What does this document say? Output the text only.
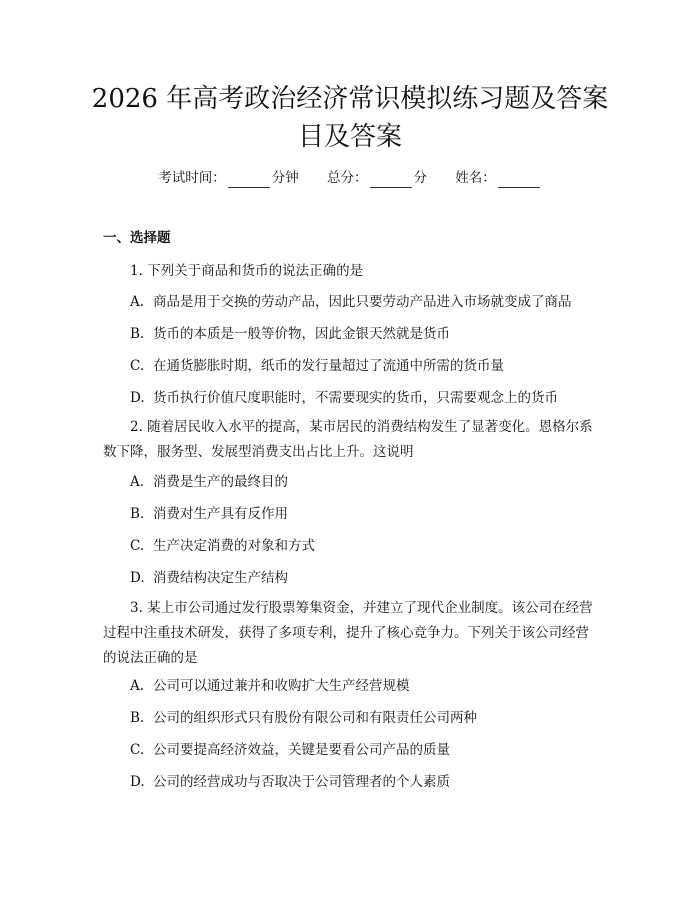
2026 年高考政治经济常识模拟练习题及答案
目及答案
考试时间：	分钟 总分：	分 姓名：
一、选择题

1. 下列关于商品和货币的说法正确的是

A. 商品是用于交换的劳动产品，因此只要劳动产品进入市场就变成了商品

B. 货币的本质是一般等价物，因此金银天然就是货币

C. 在通货膨胀时期，纸币的发行量超过了流通中所需的货币量

D. 货币执行价值尺度职能时，不需要现实的货币，只需要观念上的货币

2. 随着居民收入水平的提高，某市居民的消费结构发生了显著变化。恩格尔系数下降，服务型、发展型消费支出占比上升。这说明

A. 消费是生产的最终目的

B. 消费对生产具有反作用

C. 生产决定消费的对象和方式

D. 消费结构决定生产结构

3. 某上市公司通过发行股票筹集资金，并建立了现代企业制度。该公司在经营过程中注重技术研发，获得了多项专利，提升了核心竞争力。下列关于该公司经营的说法正确的是

A. 公司可以通过兼并和收购扩大生产经营规模

B. 公司的组织形式只有股份有限公司和有限责任公司两种

C. 公司要提高经济效益，关键是要看公司产品的质量

D. 公司的经营成功与否取决于公司管理者的个人素质
